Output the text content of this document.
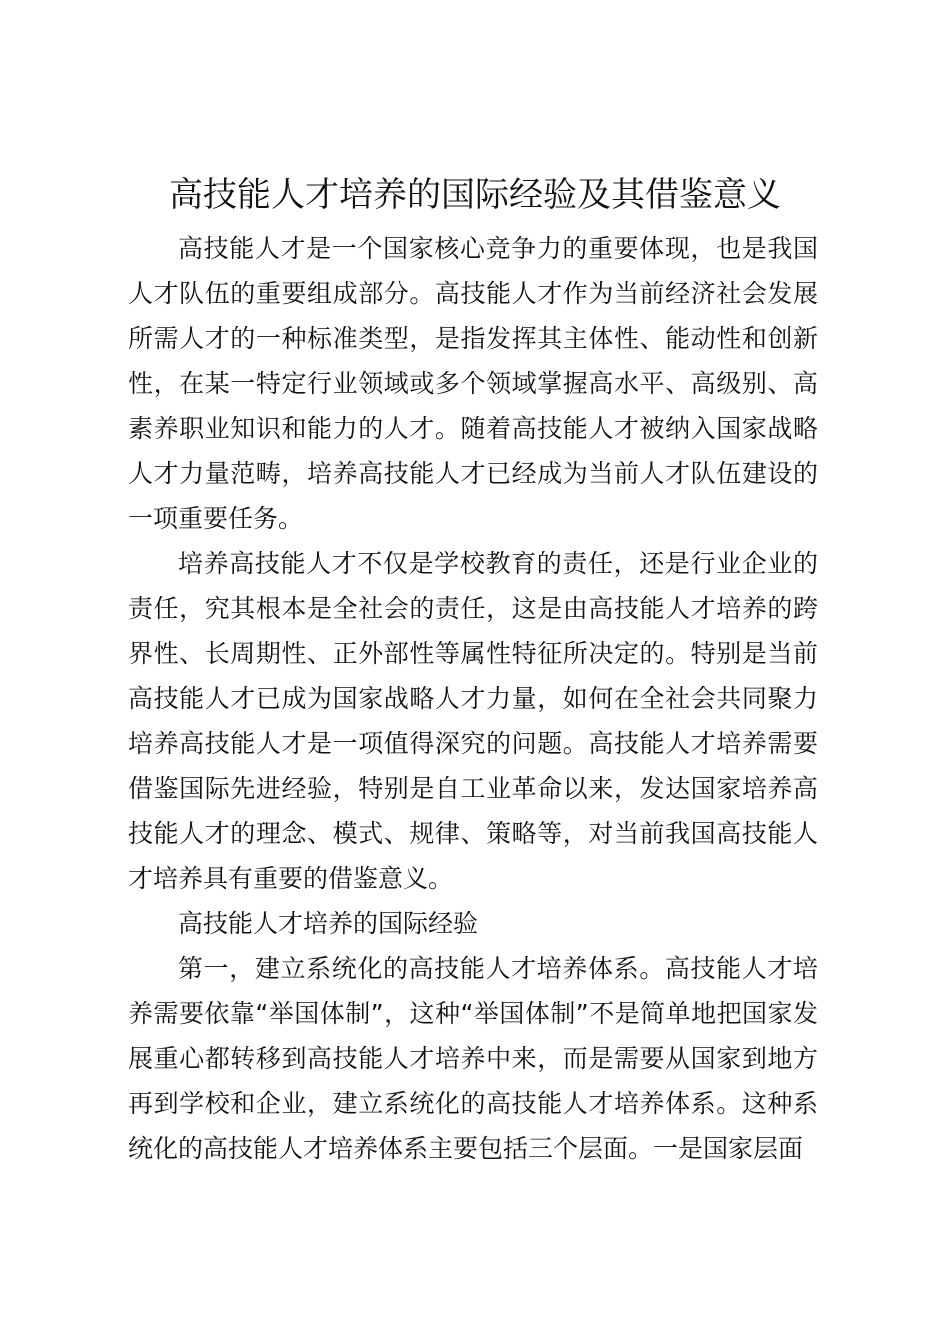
高技能人才培养的国际经验及其借鉴意义

高技能人才是一个国家核心竞争力的重要体现，也是我国人才队伍的重要组成部分。高技能人才作为当前经济社会发展所需人才的一种标准类型，是指发挥其主体性、能动性和创新性，在某一特定行业领域或多个领域掌握高水平、高级别、高素养职业知识和能力的人才。随着高技能人才被纳入国家战略人才力量范畴，培养高技能人才已经成为当前人才队伍建设的一项重要任务。

培养高技能人才不仅是学校教育的责任，还是行业企业的责任，究其根本是全社会的责任，这是由高技能人才培养的跨界性、长周期性、正外部性等属性特征所决定的。特别是当前高技能人才已成为国家战略人才力量，如何在全社会共同聚力培养高技能人才是一项值得深究的问题。高技能人才培养需要借鉴国际先进经验，特别是自工业革命以来，发达国家培养高技能人才的理念、模式、规律、策略等，对当前我国高技能人才培养具有重要的借鉴意义。

高技能人才培养的国际经验

第一，建立系统化的高技能人才培养体系。高技能人才培养需要依靠“举国体制”，这种“举国体制”不是简单地把国家发展重心都转移到高技能人才培养中来，而是需要从国家到地方再到学校和企业，建立系统化的高技能人才培养体系。这种系统化的高技能人才培养体系主要包括三个层面。一是国家层面
